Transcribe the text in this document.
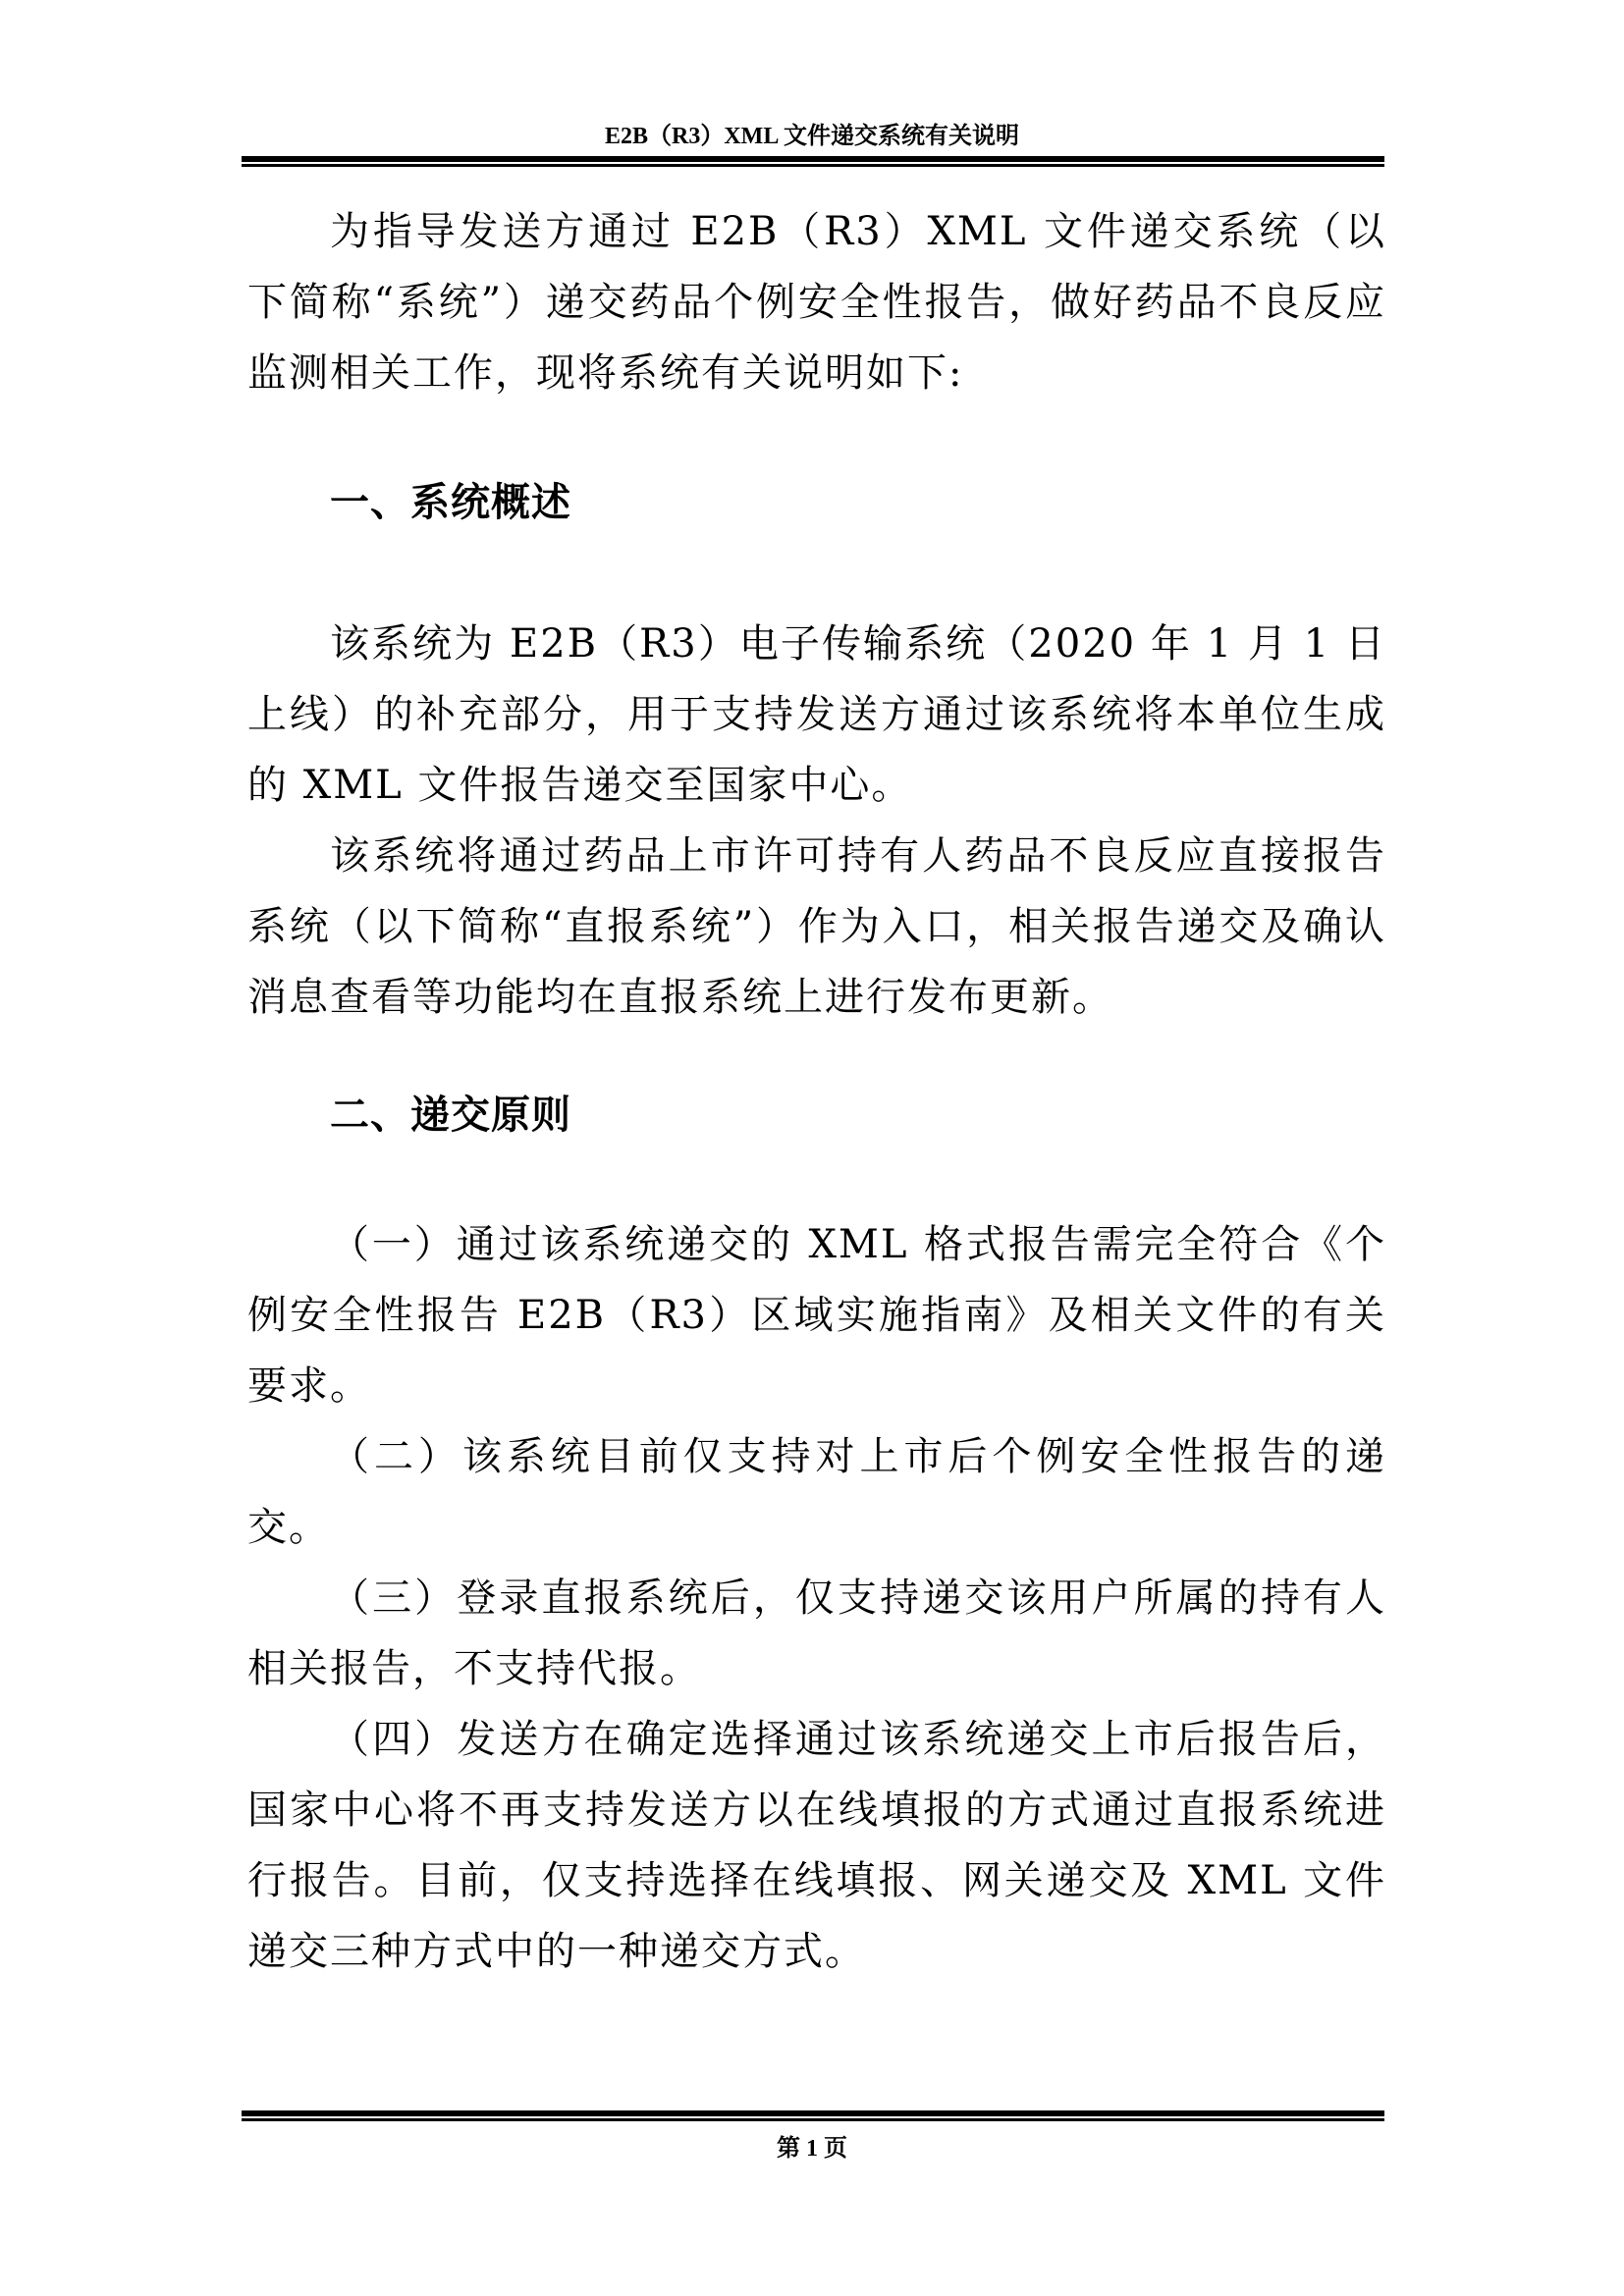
E2B（R3）XML 文件递交系统有关说明

为指导发送方通过 E2B（R3）XML 文件递交系统（以下简称“系统”）递交药品个例安全性报告，做好药品不良反应监测相关工作，现将系统有关说明如下:

一、系统概述

该系统为 E2B（R3）电子传输系统（2020 年 1 月 1 日上线）的补充部分，用于支持发送方通过该系统将本单位生成的 XML 文件报告递交至国家中心。

该系统将通过药品上市许可持有人药品不良反应直接报告系统（以下简称“直报系统”）作为入口，相关报告递交及确认消息查看等功能均在直报系统上进行发布更新。

二、递交原则

（一）通过该系统递交的 XML 格式报告需完全符合《个例安全性报告 E2B（R3）区域实施指南》及相关文件的有关要求。

（二）该系统目前仅支持对上市后个例安全性报告的递交。

（三）登录直报系统后，仅支持递交该用户所属的持有人相关报告，不支持代报。

（四）发送方在确定选择通过该系统递交上市后报告后，国家中心将不再支持发送方以在线填报的方式通过直报系统进行报告。目前，仅支持选择在线填报、网关递交及 XML 文件递交三种方式中的一种递交方式。

第 1 页
